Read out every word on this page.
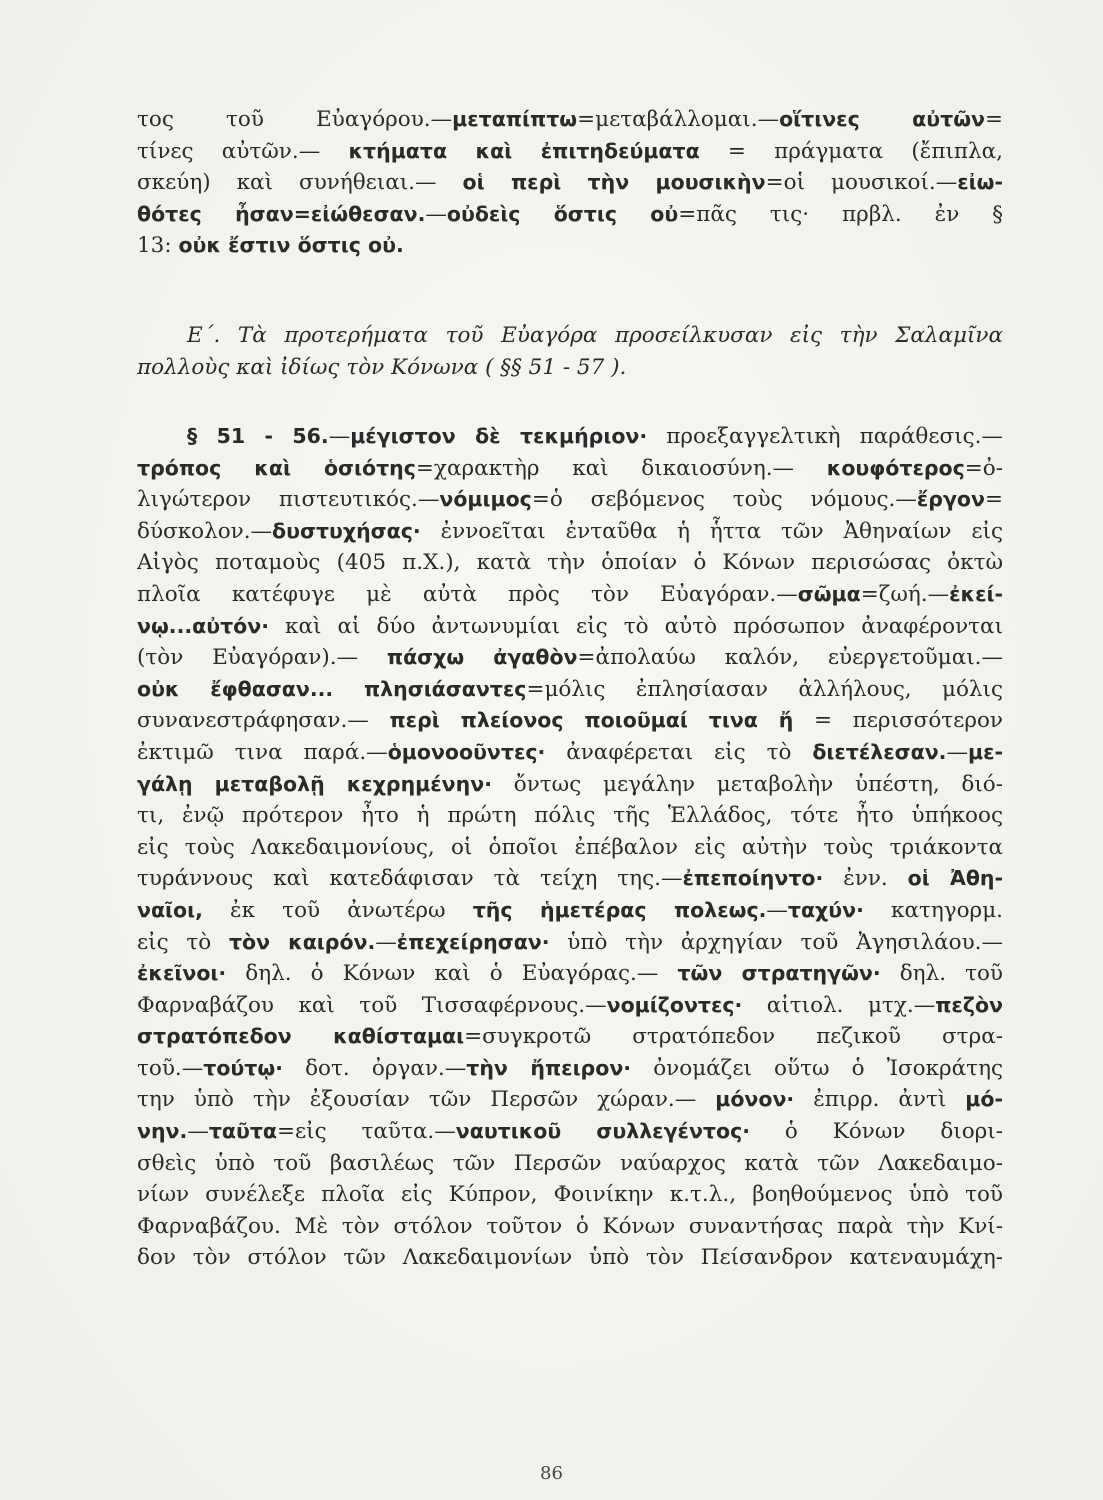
τος τοῦ Εὐαγόρου.—μεταπίπτω=μεταβάλλομαι.—οἵτινες αὐτῶν=
τίνες αὐτῶν.— κτήματα καὶ ἐπιτηδεύματα = πράγματα (ἔπιπλα,
σκεύη) καὶ συνήθειαι.— οἱ περὶ τὴν μουσικὴν=οἱ μουσικοί.—εἰω-
θότες ἦσαν=εἰώθεσαν.—οὐδεὶς ὅστις οὐ=πᾶς τις· πρβλ. ἐν §
13: οὐκ ἔστιν ὅστις οὐ.
Ε΄. Τὰ προτερήματα τοῦ Εὐαγόρα προσείλκυσαν εἰς τὴν Σαλαμῖνα
πολλοὺς καὶ ἰδίως τὸν Κόνωνα ( §§ 51 - 57 ).
§ 51 - 56.—μέγιστον δὲ τεκμήριον· προεξαγγελτικὴ παράθεσις.—
τρόπος καὶ ὁσιότης=χαρακτὴρ καὶ δικαιοσύνη.— κουφότερος=ὀ-
λιγώτερον πιστευτικός.—νόμιμος=ὁ σεβόμενος τοὺς νόμους.—ἔργον=
δύσκολον.—δυστυχήσας· ἐννοεῖται ἐνταῦθα ἡ ἧττα τῶν Ἀθηναίων εἰς
Αἰγὸς ποταμοὺς (405 π.Χ.), κατὰ τὴν ὁποίαν ὁ Κόνων περισώσας ὀκτὼ
πλοῖα κατέφυγε μὲ αὐτὰ πρὸς τὸν Εὐαγόραν.—σῶμα=ζωή.—ἐκεί-
νῳ...αὐτόν· καὶ αἱ δύο ἀντωνυμίαι εἰς τὸ αὐτὸ πρόσωπον ἀναφέρονται
(τὸν Εὐαγόραν).— πάσχω ἀγαθὸν=ἀπολαύω καλόν, εὐεργετοῦμαι.—
οὐκ ἔφθασαν... πλησιάσαντες=μόλις ἐπλησίασαν ἀλλήλους, μόλις
συνανεστράφησαν.— περὶ πλείονος ποιοῦμαί τινα ἤ = περισσότερον
ἐκτιμῶ τινα παρά.—ὁμονοοῦντες· ἀναφέρεται εἰς τὸ διετέλεσαν.—με-
γάλῃ μεταβολῇ κεχρημένην· ὄντως μεγάλην μεταβολὴν ὑπέστη, διό-
τι, ἐνῷ πρότερον ἦτο ἡ πρώτη πόλις τῆς Ἑλλάδος, τότε ἦτο ὑπήκοος
εἰς τοὺς Λακεδαιμονίους, οἱ ὁποῖοι ἐπέβαλον εἰς αὐτὴν τοὺς τριάκοντα
τυράννους καὶ κατεδάφισαν τὰ τείχη της.—ἐπεποίηντο· ἐνν. οἱ Ἀθη-
ναῖοι, ἐκ τοῦ ἀνωτέρω τῆς ἡμετέρας πολεως.—ταχύν· κατηγορμ.
εἰς τὸ τὸν καιρόν.—ἐπεχείρησαν· ὑπὸ τὴν ἀρχηγίαν τοῦ Ἀγησιλάου.—
ἐκεῖνοι· δηλ. ὁ Κόνων καὶ ὁ Εὐαγόρας.— τῶν στρατηγῶν· δηλ. τοῦ
Φαρναβάζου καὶ τοῦ Τισσαφέρνους.—νομίζοντες· αἰτιολ. μτχ.—πεζὸν
στρατόπεδον καθίσταμαι=συγκροτῶ στρατόπεδον πεζικοῦ στρα-
τοῦ.—τούτῳ· δοτ. ὀργαν.—τὴν ἤπειρον· ὀνομάζει οὕτω ὁ Ἰσοκράτης
την ὑπὸ τὴν ἐξουσίαν τῶν Περσῶν χώραν.— μόνον· ἐπιρρ. ἀντὶ μό-
νην.—ταῦτα=εἰς ταῦτα.—ναυτικοῦ συλλεγέντος· ὁ Κόνων διορι-
σθεὶς ὑπὸ τοῦ βασιλέως τῶν Περσῶν ναύαρχος κατὰ τῶν Λακεδαιμο-
νίων συνέλεξε πλοῖα εἰς Κύπρον, Φοινίκην κ.τ.λ., βοηθούμενος ὑπὸ τοῦ
Φαρναβάζου. Μὲ τὸν στόλον τοῦτον ὁ Κόνων συναντήσας παρὰ τὴν Κνί-
δον τὸν στόλον τῶν Λακεδαιμονίων ὑπὸ τὸν Πείσανδρον κατεναυμάχη-
86
